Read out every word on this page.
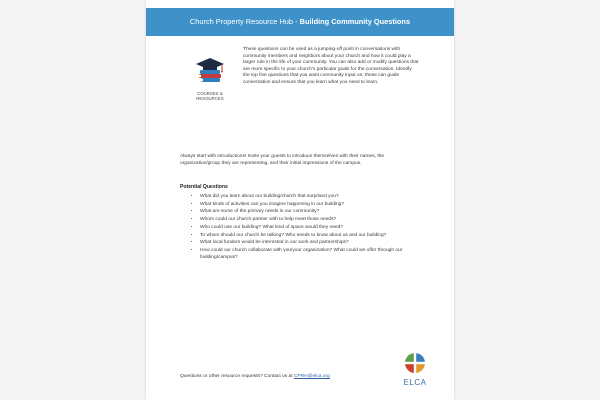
Church Property Resource Hub - Building Community Questions
COURSES &
RESOURCES

These questions can be used as a jumping-off point in conversations with community members and neighbors about your church and how it could play a larger role in the life of your community. You can also add or modify questions that are more specific to your church's particular goals for the conversation. Identify the top five questions that you want community input on; these can guide conversation and ensure that you learn what you need to learn.

Always start with introductions! Invite your guests to introduce themselves with their names, the organization/group they are representing, and their initial impressions of the campus.

Potential Questions

• What did you learn about our building/church that surprised you?
• What kinds of activities can you imagine happening in our building?
• What are some of the primary needs in our community?
• Whom could our church partner with to help meet those needs?
• Who could use our building? What kind of space would they need?
• To whom should our church be talking? Who needs to know about us and our building?
• What local funders would be interested in our work and partnerships?
• How could our church collaborate with you/your organization? What could we offer through our building/campus?
ELCA

Questions or other resource requests? Contact us at CPRH@elca.org
